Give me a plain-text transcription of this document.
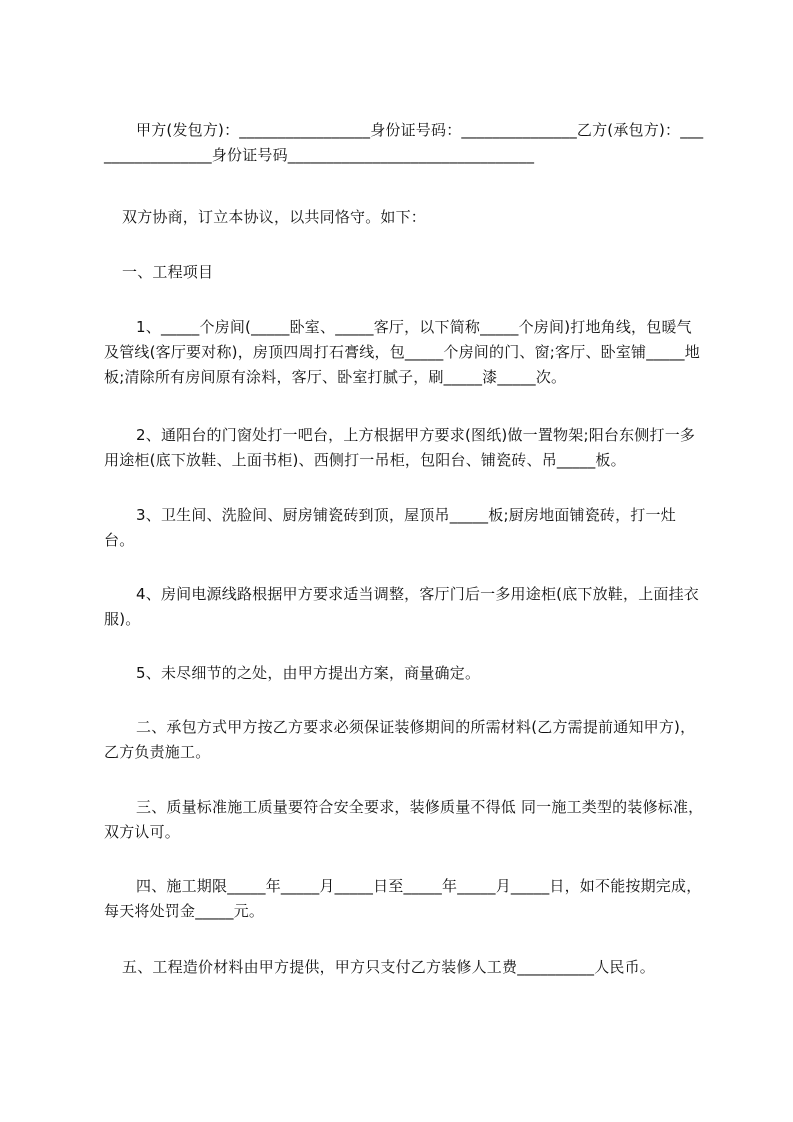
甲方(发包方)：_________________身份证号码：_______________乙方(承包方)：_________________身份证号码________________________________

双方协商，订立本协议，以共同恪守。如下：

一、工程项目

1、_____个房间(_____卧室、_____客厅，以下简称_____个房间)打地角线，包暖气及管线(客厅要对称)，房顶四周打石膏线，包_____个房间的门、窗;客厅、卧室铺_____地板;清除所有房间原有涂料，客厅、卧室打腻子，刷_____漆_____次。

2、通阳台的门窗处打一吧台，上方根据甲方要求(图纸)做一置物架;阳台东侧打一多用途柜(底下放鞋、上面书柜)、西侧打一吊柜，包阳台、铺瓷砖、吊_____板。

3、卫生间、洗脸间、厨房铺瓷砖到顶，屋顶吊_____板;厨房地面铺瓷砖，打一灶台。

4、房间电源线路根据甲方要求适当调整，客厅门后一多用途柜(底下放鞋，上面挂衣服)。

5、未尽细节的之处，由甲方提出方案，商量确定。

二、承包方式甲方按乙方要求必须保证装修期间的所需材料(乙方需提前通知甲方)，乙方负责施工。

三、质量标准施工质量要符合安全要求，装修质量不得低 同一施工类型的装修标准，双方认可。

四、施工期限_____年_____月_____日至_____年_____月_____日，如不能按期完成，每天将处罚金_____元。

五、工程造价材料由甲方提供，甲方只支付乙方装修人工费__________人民币。
